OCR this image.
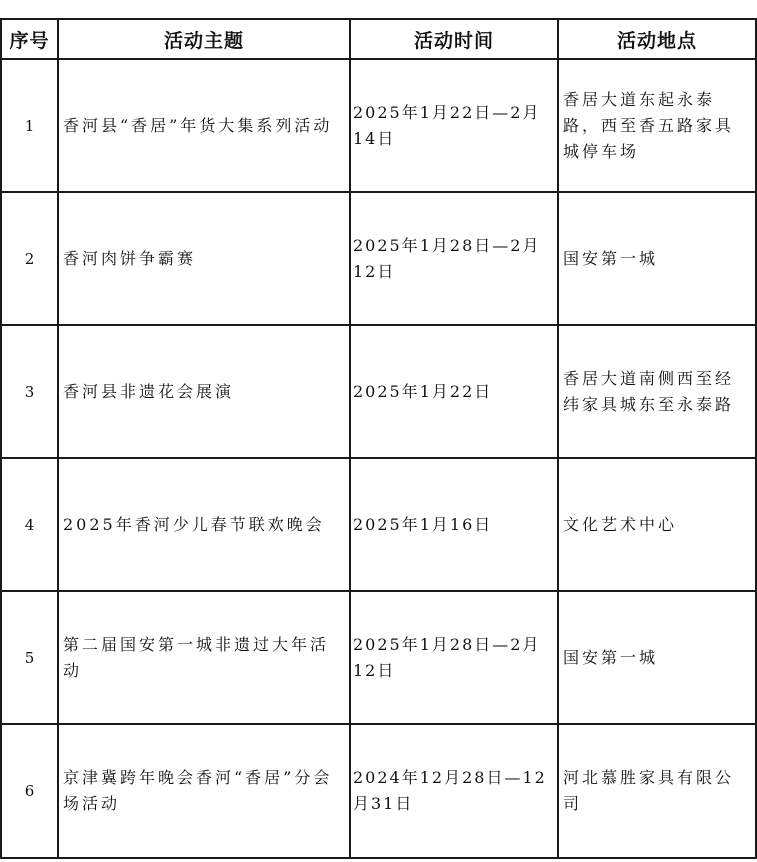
序号	活动主题	活动时间	活动地点
1	香河县“香居”年货大集系列活动	2025年1月22日—2月14日	香居大道东起永泰路，西至香五路家具城停车场
2	香河肉饼争霸赛	2025年1月28日—2月12日	国安第一城
3	香河县非遗花会展演	2025年1月22日	香居大道南侧西至经纬家具城东至永泰路
4	2025年香河少儿春节联欢晚会	2025年1月16日	文化艺术中心
5	第二届国安第一城非遗过大年活动	2025年1月28日—2月12日	国安第一城
6	京津冀跨年晚会香河“香居”分会场活动	2024年12月28日—12月31日	河北慕胜家具有限公司
